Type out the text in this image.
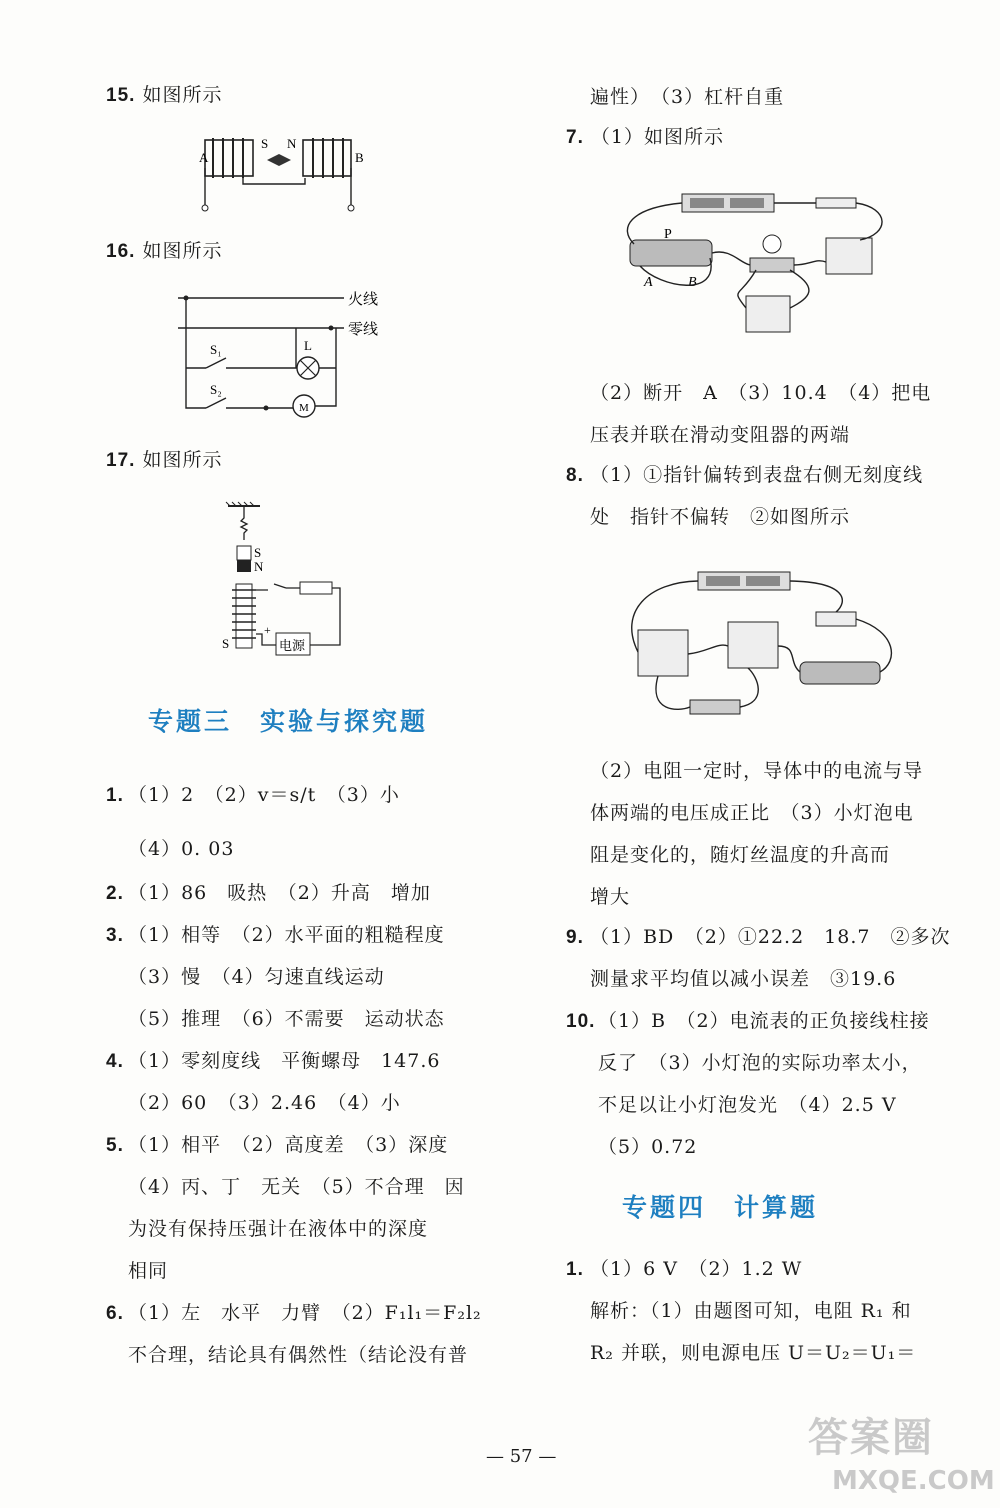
15. 如图所示
A	B
S N
16. 如图所示
火线
零线
S₁
S₂
L
M
17. 如图所示
S
N
S	电源
+
专题三　实验与探究题
1. （1）2　（2）v＝s/t　（3）小
（4）0. 03
2. （1）86　吸热　（2）升高　增加
3. （1）相等　（2）水平面的粗糙程度
（3）慢　（4）匀速直线运动
（5）推理　（6）不需要　运动状态
4. （1）零刻度线　平衡螺母　147.6
（2）60　（3）2.46　（4）小
5. （1）相平　（2）高度差　（3）深度
（4）丙、丁　无关　（5）不合理　因
为没有保持压强计在液体中的深度
相同
6. （1）左　水平　力臂　（2）F₁l₁＝F₂l₂
不合理，结论具有偶然性（结论没有普
遍性）　（3）杠杆自重
7. （1）如图所示
P
A	B
（2）断开　A　（3）10.4　（4）把电
压表并联在滑动变阻器的两端
8. （1）①指针偏转到表盘右侧无刻度线
处　指针不偏转　②如图所示
（2）电阻一定时，导体中的电流与导
体两端的电压成正比　（3）小灯泡电
阻是变化的，随灯丝温度的升高而
增大
9. （1）BD　（2）①22.2　18.7　②多次
测量求平均值以减小误差　③19.6
10. （1）B　（2）电流表的正负接线柱接
反了　（3）小灯泡的实际功率太小，
不足以让小灯泡发光　（4）2.5 V
（5）0.72
专题四　计算题
1. （1）6 V　（2）1.2 W
解析：（1）由题图可知，电阻 R₁ 和
R₂ 并联，则电源电压 U＝U₂＝U₁＝
— 57 —	答案圈
MXQE.COM
